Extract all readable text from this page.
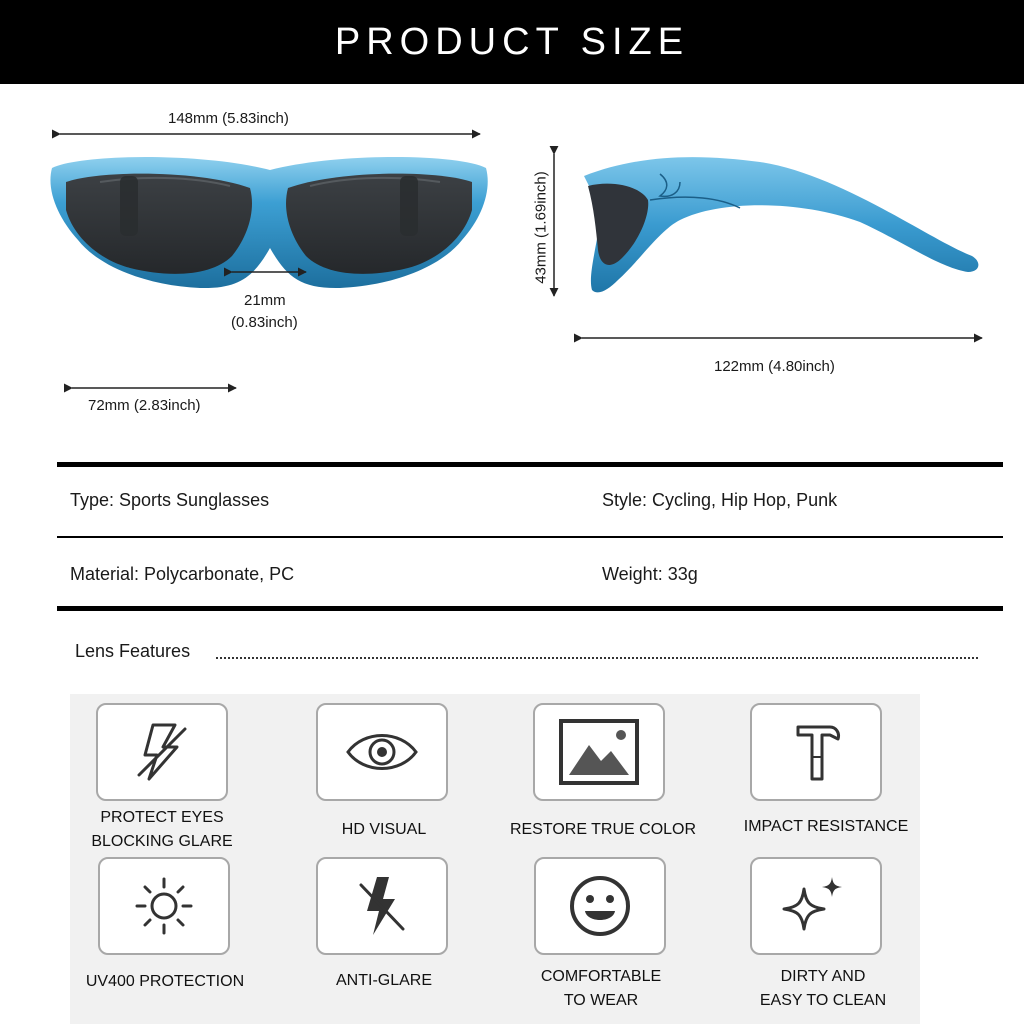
PRODUCT SIZE
148mm (5.83inch)
21mm
(0.83inch)
72mm (2.83inch)
43mm (1.69inch)
122mm (4.80inch)
Type: Sports Sunglasses	Style: Cycling, Hip Hop, Punk
Material: Polycarbonate, PC	Weight: 33g
Lens Features
PROTECT EYES
BLOCKING GLARE
HD VISUAL	RESTORE TRUE COLOR	IMPACT RESISTANCE
UV400 PROTECTION	ANTI-GLARE	COMFORTABLE
TO WEAR
DIRTY AND
EASY TO CLEAN
